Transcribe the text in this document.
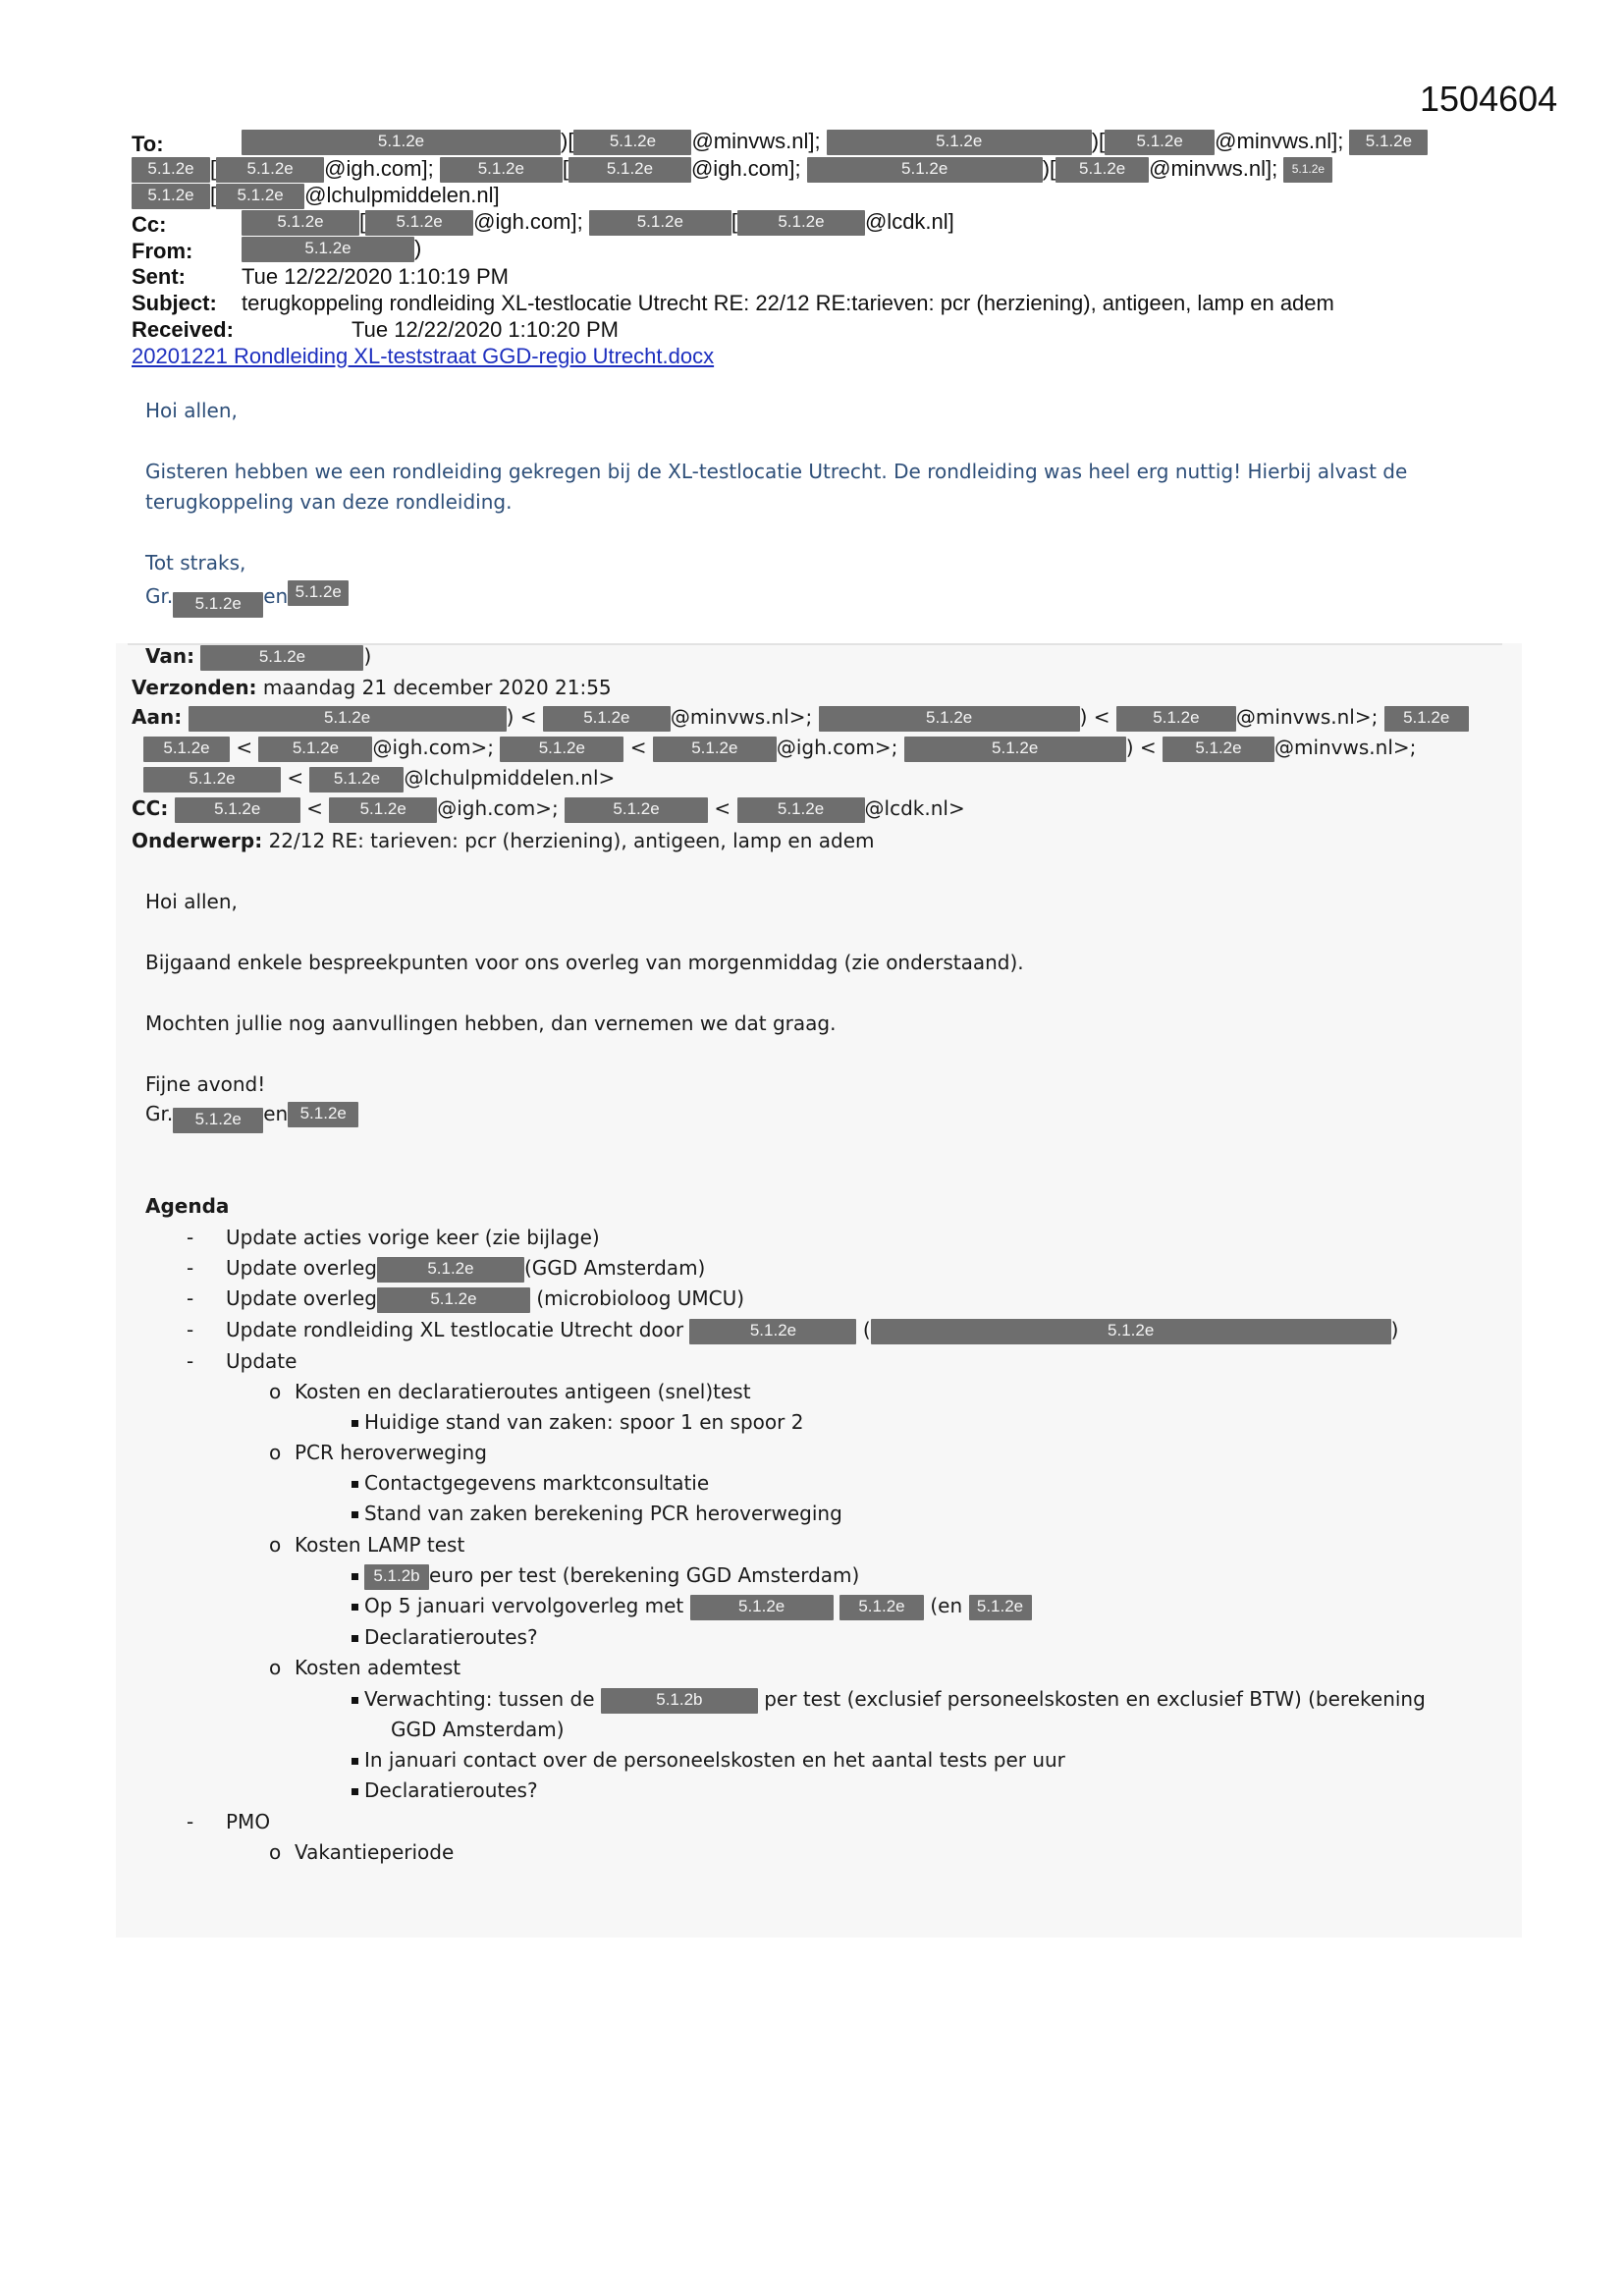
1504604
To:	5.1.2e	)[ 5.1.2e @minvws.nl];	5.1.2e	)[ 5.1.2e @minvws.nl]; 5.1.2e
5.1.2e [ 5.1.2e @igh.com];	5.1.2e [ 5.1.2e @igh.com];	5.1.2e	)[ 5.1.2e @minvws.nl]; 5.1.2e
5.1.2e [ 5.1.2e @lchulpmiddelen.nl]
Cc:	5.1.2e [ 5.1.2e @igh.com];	5.1.2e [ 5.1.2e @lcdk.nl]
From:	5.1.2e	)
Sent:	Tue 12/22/2020 1:10:19 PM
Subject: terugkoppeling rondleiding XL-testlocatie Utrecht RE: 22/12 RE:tarieven: pcr (herziening), antigeen, lamp en adem
Received:	Tue 12/22/2020 1:10:20 PM
20201221 Rondleiding XL-teststraat GGD-regio Utrecht.docx
Hoi allen,
Gisteren hebben we een rondleiding gekregen bij de XL-testlocatie Utrecht. De rondleiding was heel erg nuttig! Hierbij alvast de
terugkoppeling van deze rondleiding.
Tot straks,
Gr. 5.1.2e en 5.1.2e
Van:	5.1.2e	)
Verzonden: maandag 21 december 2020 21:55
Aan:	5.1.2e	) <	5.1.2e @minvws.nl>;	5.1.2e	) <	5.1.2e @minvws.nl>; 5.1.2e
5.1.2e < 5.1.2e @igh.com>;	5.1.2e <	5.1.2e @igh.com>;	5.1.2e	) < 5.1.2e @minvws.nl>;
5.1.2e	< 5.1.2e @lchulpmiddelen.nl>
CC:	5.1.2e < 5.1.2e @igh.com>;	5.1.2e	<	5.1.2e @lcdk.nl>
Onderwerp: 22/12 RE: tarieven: pcr (herziening), antigeen, lamp en adem
Hoi allen,
Bijgaand enkele bespreekpunten voor ons overleg van morgenmiddag (zie onderstaand).
Mochten jullie nog aanvullingen hebben, dan vernemen we dat graag.
Fijne avond!
Gr. 5.1.2e en 5.1.2e
Agenda
- Update acties vorige keer (zie bijlage)
- Update overleg	5.1.2e	(GGD Amsterdam)
- Update overleg	5.1.2e	(microbioloog UMCU)
- Update rondleiding XL testlocatie Utrecht door	5.1.2e	(	5.1.2e	)
- Update
o Kosten en declaratieroutes antigeen (snel)test
Huidige stand van zaken: spoor 1 en spoor 2
o PCR heroverweging
Contactgegevens marktconsultatie
Stand van zaken berekening PCR heroverweging
o Kosten LAMP test
5.1.2b euro per test (berekening GGD Amsterdam)
Op 5 januari vervolgoverleg met	5.1.2e	5.1.2e (en 5.1.2e
Declaratieroutes?
o Kosten ademtest
Verwachting: tussen de	5.1.2b	per test (exclusief personeelskosten en exclusief BTW) (berekening
GGD Amsterdam)
In januari contact over de personeelskosten en het aantal tests per uur
Declaratieroutes?
- PMO
o Vakantieperiode
